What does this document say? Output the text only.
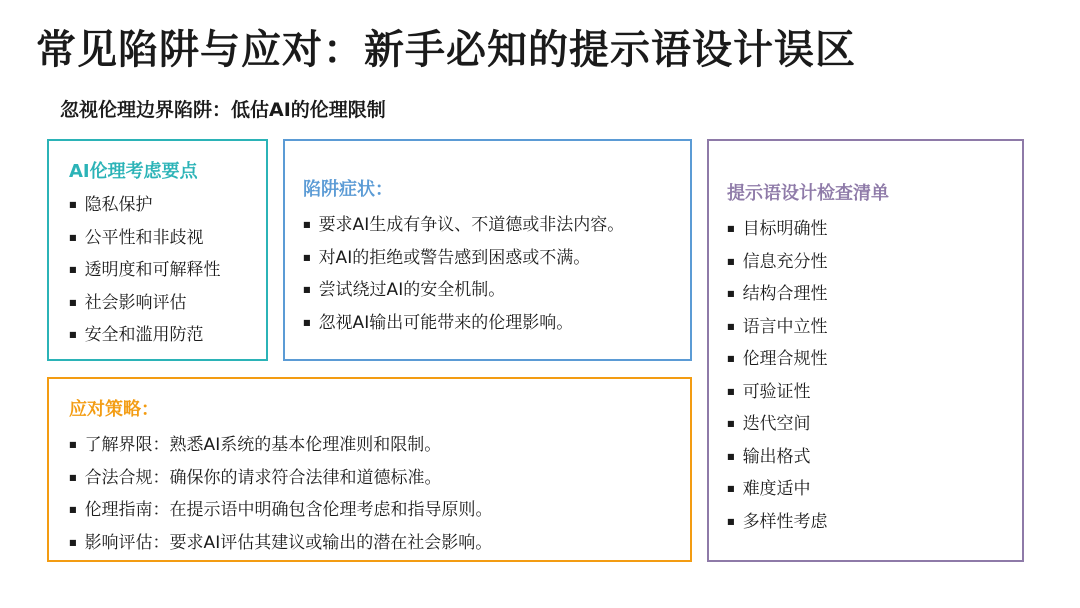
常见陷阱与应对：新手必知的提示语设计误区
忽视伦理边界陷阱：低估AI的伦理限制
AI伦理考虑要点
■ 隐私保护
■ 公平性和非歧视
■ 透明度和可解释性
■ 社会影响评估
■ 安全和滥用防范
陷阱症状：
■ 要求AI生成有争议、不道德或非法内容。
■ 对AI的拒绝或警告感到困惑或不满。
■ 尝试绕过AI的安全机制。
■ 忽视AI输出可能带来的伦理影响。
应对策略：
■ 了解界限：熟悉AI系统的基本伦理准则和限制。
■ 合法合规：确保你的请求符合法律和道德标准。
■ 伦理指南：在提示语中明确包含伦理考虑和指导原则。
■ 影响评估：要求AI评估其建议或输出的潜在社会影响。
提示语设计检查清单
■ 目标明确性
■ 信息充分性
■ 结构合理性
■ 语言中立性
■ 伦理合规性
■ 可验证性
■ 迭代空间
■ 输出格式
■ 难度适中
■ 多样性考虑
